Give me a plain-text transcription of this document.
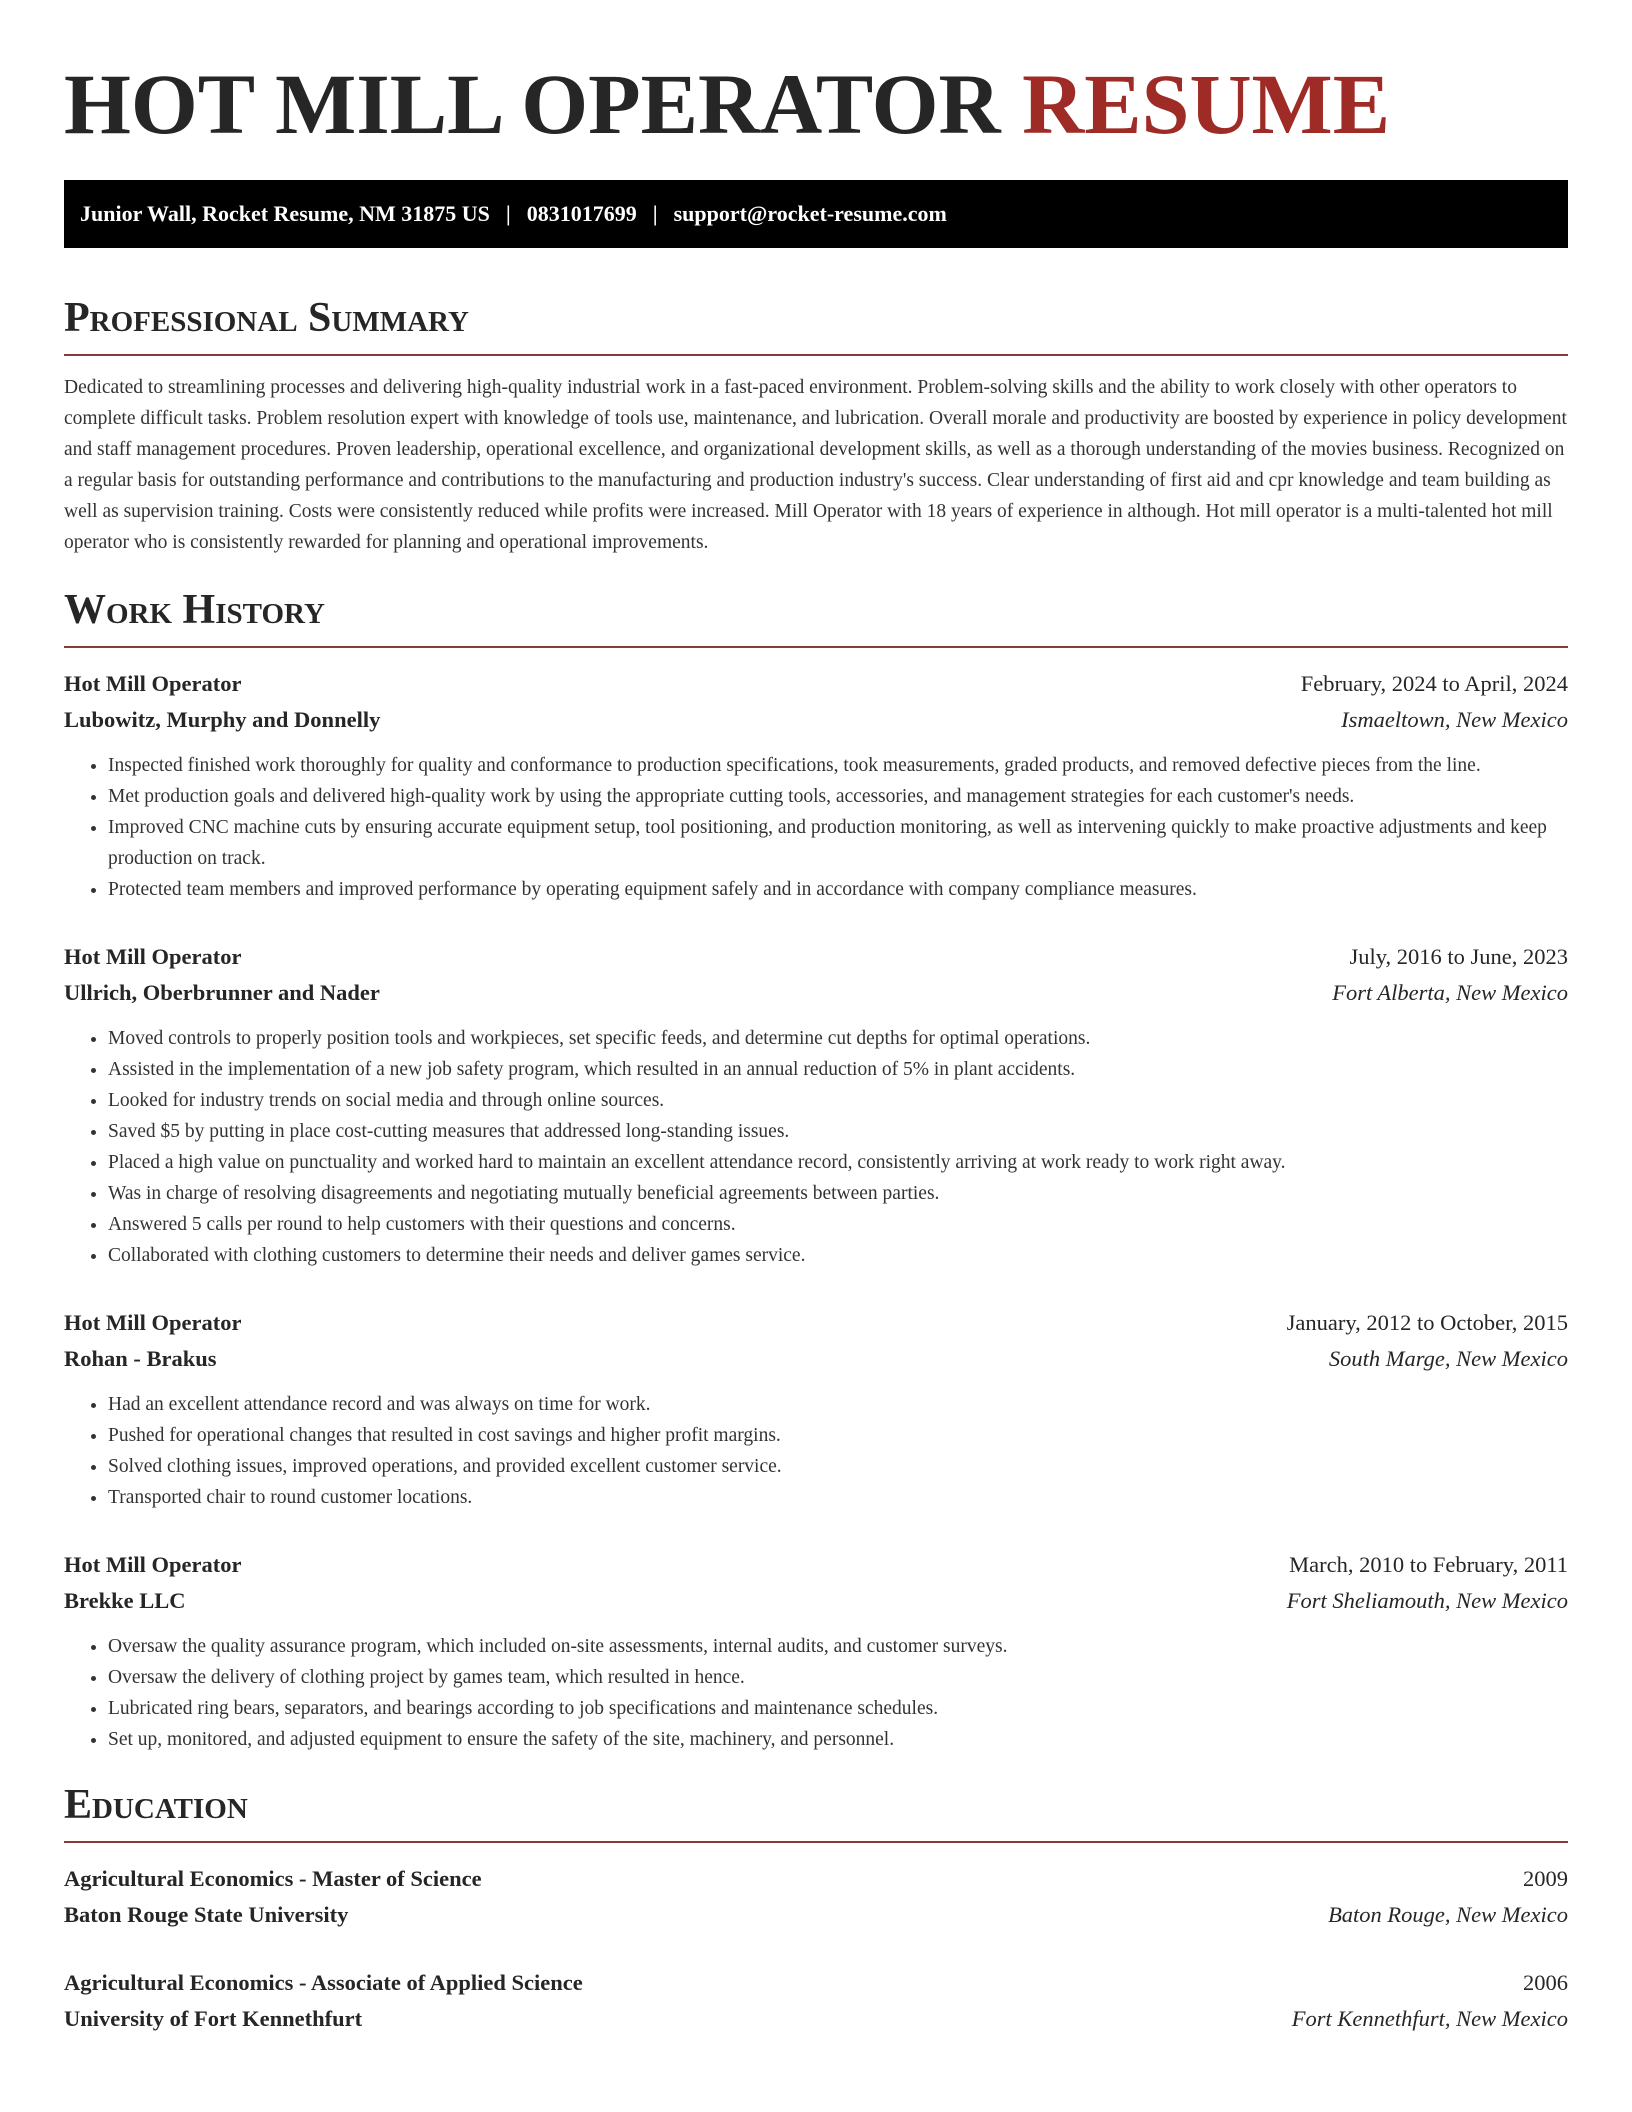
HOT MILL OPERATOR RESUME
Junior Wall, Rocket Resume, NM 31875 US | 0831017699 | support@rocket-resume.com
Professional Summary

Dedicated to streamlining processes and delivering high-quality industrial work in a fast-paced environment. Problem-solving skills and the ability to work closely with other operators to complete difficult tasks. Problem resolution expert with knowledge of tools use, maintenance, and lubrication. Overall morale and productivity are boosted by experience in policy development and staff management procedures. Proven leadership, operational excellence, and organizational development skills, as well as a thorough understanding of the movies business. Recognized on a regular basis for outstanding performance and contributions to the manufacturing and production industry's success. Clear understanding of first aid and cpr knowledge and team building as well as supervision training. Costs were consistently reduced while profits were increased. Mill Operator with 18 years of experience in although. Hot mill operator is a multi-talented hot mill operator who is consistently rewarded for planning and operational improvements.

Work History
Hot Mill Operator	February, 2024 to April, 2024
Lubowitz, Murphy and Donnelly	Ismaeltown, New Mexico
• Inspected finished work thoroughly for quality and conformance to production specifications, took measurements, graded products, and removed defective pieces from the line.
• Met production goals and delivered high-quality work by using the appropriate cutting tools, accessories, and management strategies for each customer's needs.
• Improved CNC machine cuts by ensuring accurate equipment setup, tool positioning, and production monitoring, as well as intervening quickly to make proactive adjustments and keep production on track.
• Protected team members and improved performance by operating equipment safely and in accordance with company compliance measures.
Hot Mill Operator	July, 2016 to June, 2023
Ullrich, Oberbrunner and Nader	Fort Alberta, New Mexico
• Moved controls to properly position tools and workpieces, set specific feeds, and determine cut depths for optimal operations.
• Assisted in the implementation of a new job safety program, which resulted in an annual reduction of 5% in plant accidents.
• Looked for industry trends on social media and through online sources.
• Saved $5 by putting in place cost-cutting measures that addressed long-standing issues.
• Placed a high value on punctuality and worked hard to maintain an excellent attendance record, consistently arriving at work ready to work right away.
• Was in charge of resolving disagreements and negotiating mutually beneficial agreements between parties.
• Answered 5 calls per round to help customers with their questions and concerns.
• Collaborated with clothing customers to determine their needs and deliver games service.
Hot Mill Operator	January, 2012 to October, 2015
Rohan - Brakus	South Marge, New Mexico
• Had an excellent attendance record and was always on time for work.
• Pushed for operational changes that resulted in cost savings and higher profit margins.
• Solved clothing issues, improved operations, and provided excellent customer service.
• Transported chair to round customer locations.
Hot Mill Operator	March, 2010 to February, 2011
Brekke LLC	Fort Sheliamouth, New Mexico
• Oversaw the quality assurance program, which included on-site assessments, internal audits, and customer surveys.
• Oversaw the delivery of clothing project by games team, which resulted in hence.
• Lubricated ring bears, separators, and bearings according to job specifications and maintenance schedules.
• Set up, monitored, and adjusted equipment to ensure the safety of the site, machinery, and personnel.
Education
Agricultural Economics - Master of Science	2009
Baton Rouge State University	Baton Rouge, New Mexico
Agricultural Economics - Associate of Applied Science	2006
University of Fort Kennethfurt	Fort Kennethfurt, New Mexico
